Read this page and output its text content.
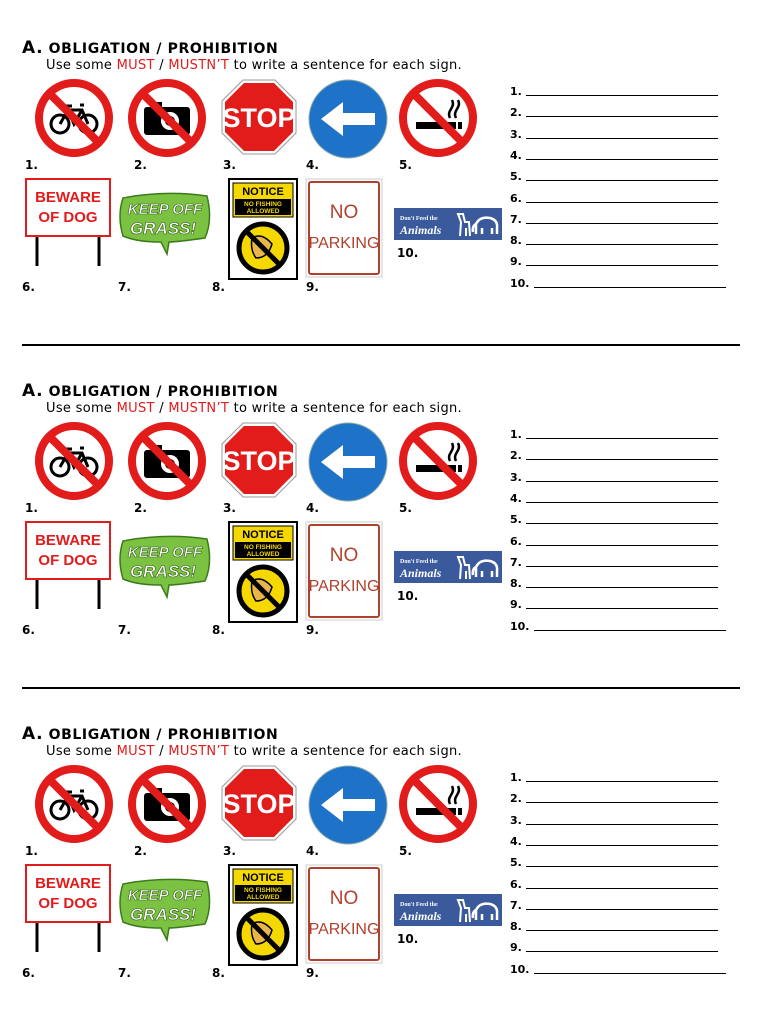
A. OBLIGATION / PROHIBITION
Use some MUST / MUSTN’T to write a sentence for each sign.
STOP
1.	2.	3.	4.	5.
BEWARE
OF DOG KEEP OFF
GRASS!
NOTICE
NO FISHING
ALLOWED	NO
PARKING
Don't Feed the
Animals
6.	7.	8.	9.
10.
1.
2.
3.
4.
5.
6.
7.
8.
9.
10.
A. OBLIGATION / PROHIBITION
Use some MUST / MUSTN’T to write a sentence for each sign.
STOP
1.	2.	3.	4.	5.
BEWARE
OF DOG KEEP OFF
GRASS!
NOTICE
NO FISHING
ALLOWED	NO
PARKING
Don't Feed the
Animals
6.	7.	8.	9.
10.
1.
2.
3.
4.
5.
6.
7.
8.
9.
10.
A. OBLIGATION / PROHIBITION
Use some MUST / MUSTN’T to write a sentence for each sign.
STOP
1.	2.	3.	4.	5.
BEWARE
OF DOG KEEP OFF
GRASS!
NOTICE
NO FISHING
ALLOWED	NO
PARKING
Don't Feed the
Animals
6.	7.	8.	9.
10.
1.
2.
3.
4.
5.
6.
7.
8.
9.
10.
